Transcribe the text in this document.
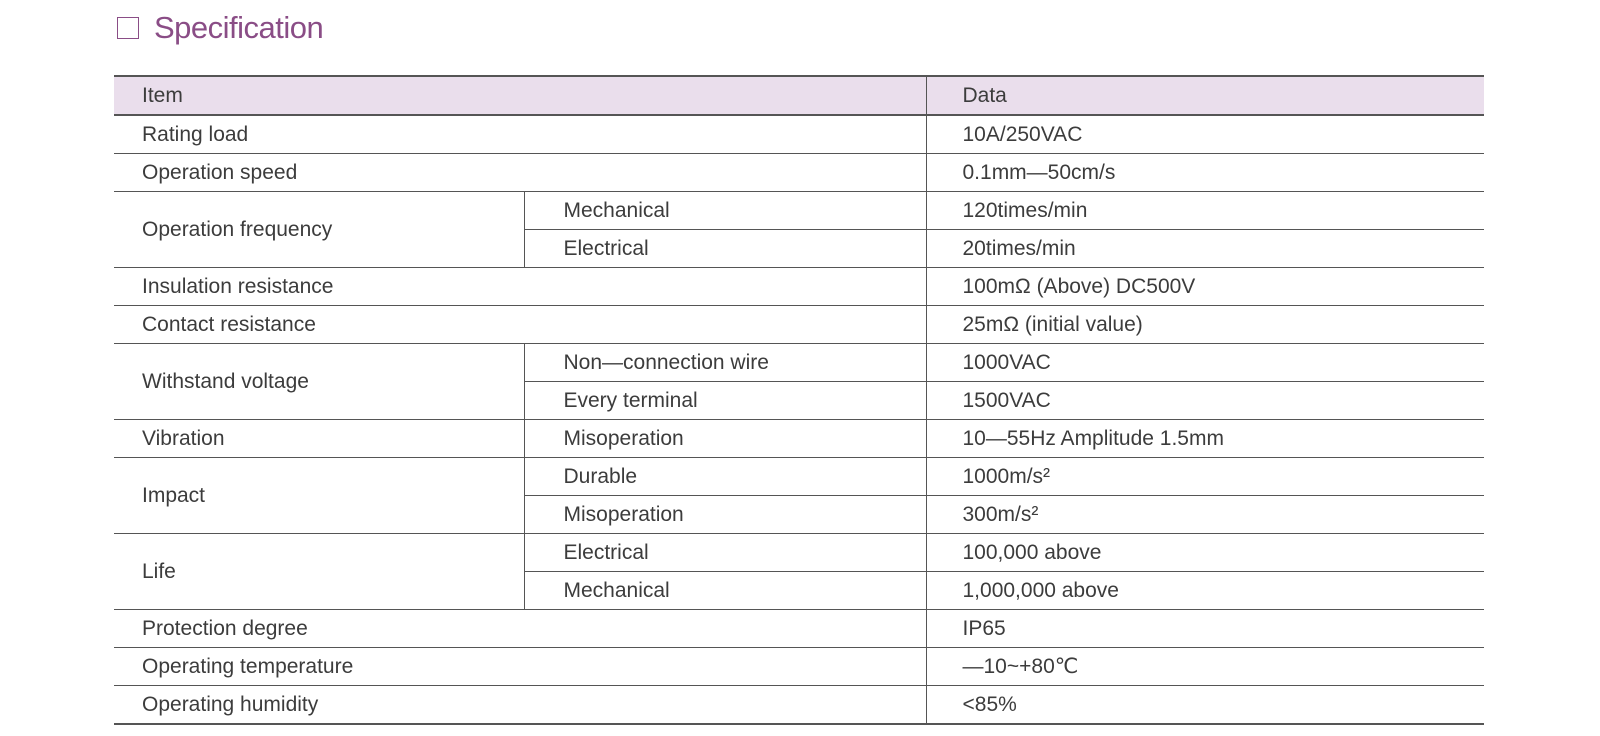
Specification
Item		Data
Rating load		10A/250VAC
Operation speed		0.1mm—50cm/s
Operation frequency	Mechanical	120times/min
	Electrical	20times/min
Insulation resistance		100mΩ (Above) DC500V
Contact resistance		25mΩ (initial value)
Withstand voltage	Non—connection wire	1000VAC
	Every terminal	1500VAC
Vibration	Misoperation	10—55Hz Amplitude 1.5mm
Impact	Durable	1000m/s²
	Misoperation	300m/s²
Life	Electrical	100,000 above
	Mechanical	1,000,000 above
Protection degree		IP65
Operating temperature		—10~+80℃
Operating humidity		<85%
